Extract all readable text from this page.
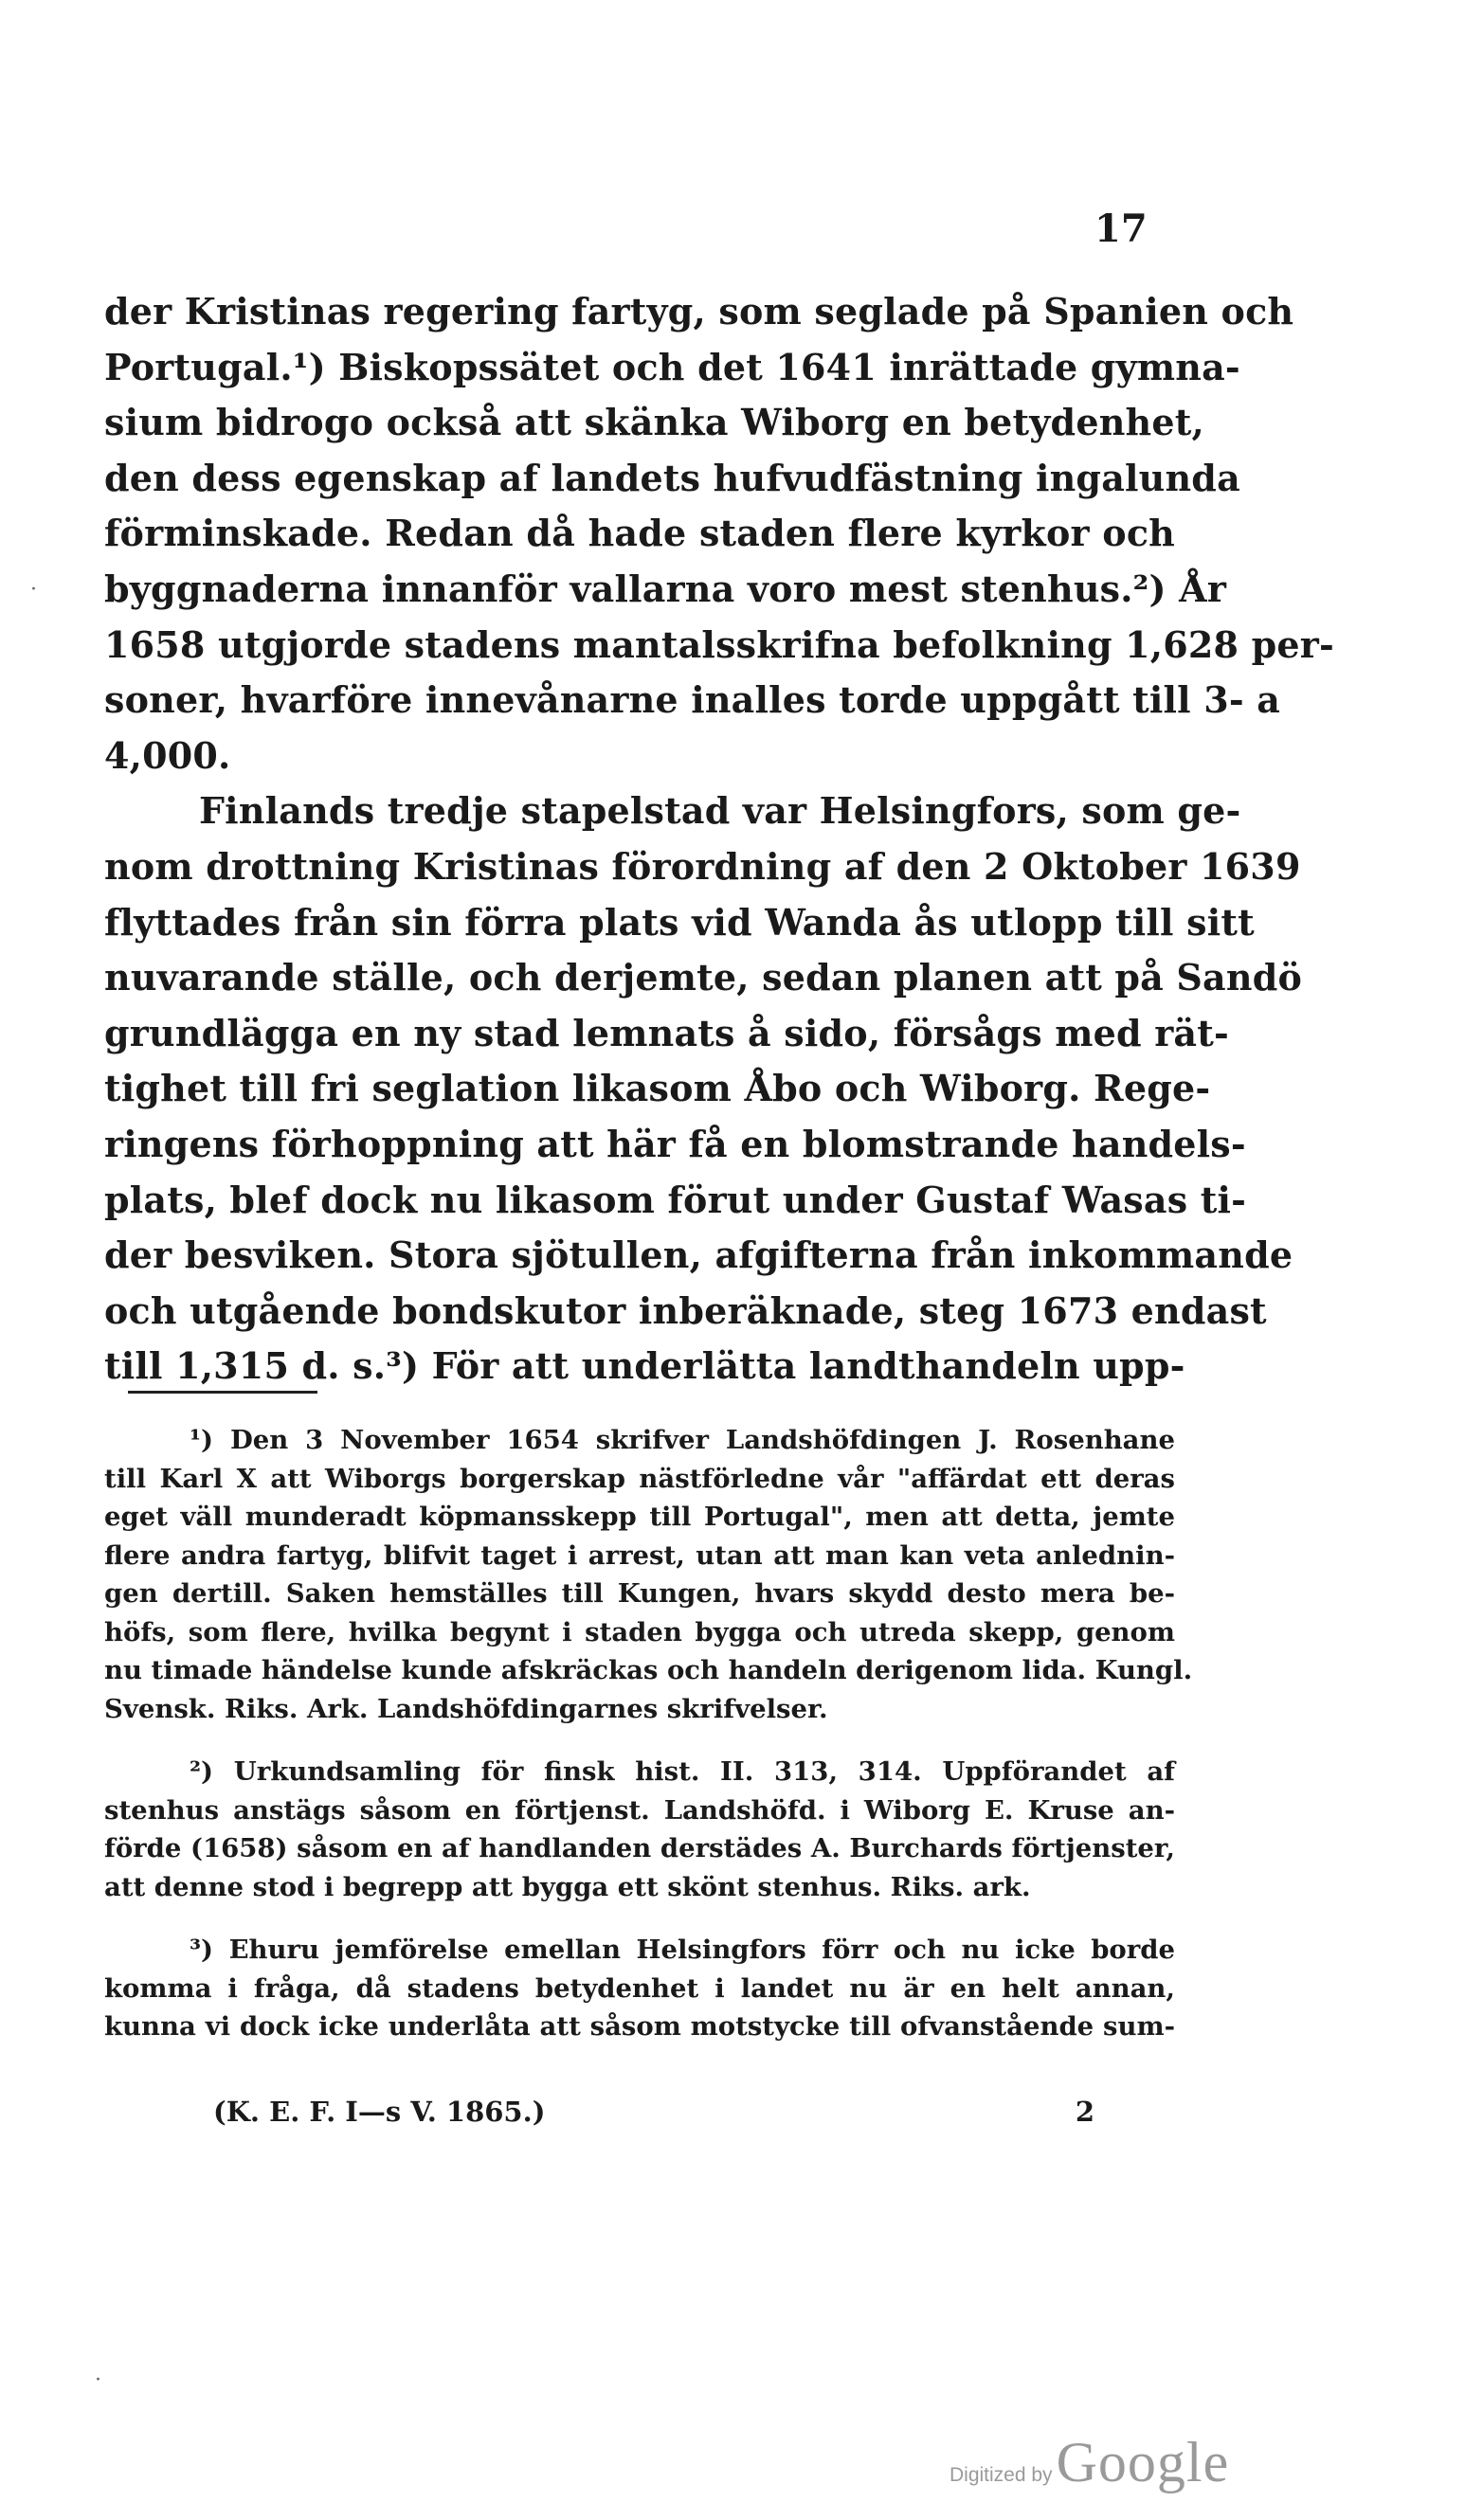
17
der Kristinas regering fartyg, som seglade på Spanien och
Portugal.¹) Biskopssätet och det 1641 inrättade gymna-
sium bidrogo också att skänka Wiborg en betydenhet,
den dess egenskap af landets hufvudfästning ingalunda
förminskade. Redan då hade staden flere kyrkor och
byggnaderna innanför vallarna voro mest stenhus.²) År
1658 utgjorde stadens mantalsskrifna befolkning 1,628 per-
soner, hvarföre innevånarne inalles torde uppgått till 3- a
4,000.
Finlands tredje stapelstad var Helsingfors, som ge-
nom drottning Kristinas förordning af den 2 Oktober 1639
flyttades från sin förra plats vid Wanda ås utlopp till sitt
nuvarande ställe, och derjemte, sedan planen att på Sandö
grundlägga en ny stad lemnats å sido, försågs med rät-
tighet till fri seglation likasom Åbo och Wiborg. Rege-
ringens förhoppning att här få en blomstrande handels-
plats, blef dock nu likasom förut under Gustaf Wasas ti-
der besviken. Stora sjötullen, afgifterna från inkommande
och utgående bondskutor inberäknade, steg 1673 endast
till 1,315 d. s.³) För att underlätta landthandeln upp-
¹) Den 3 November 1654 skrifver Landshöfdingen J. Rosenhane
till Karl X att Wiborgs borgerskap nästförledne vår "affärdat ett deras
eget väll munderadt köpmansskepp till Portugal", men att detta, jemte
flere andra fartyg, blifvit taget i arrest, utan att man kan veta anlednin-
gen dertill. Saken hemställes till Kungen, hvars skydd desto mera be-
höfs, som flere, hvilka begynt i staden bygga och utreda skepp, genom
nu timade händelse kunde afskräckas och handeln derigenom lida. Kungl.
Svensk. Riks. Ark. Landshöfdingarnes skrifvelser.
²) Urkundsamling för finsk hist. II. 313, 314. Uppförandet af
stenhus anstägs såsom en förtjenst. Landshöfd. i Wiborg E. Kruse an-
förde (1658) såsom en af handlanden derstädes A. Burchards förtjenster,
att denne stod i begrepp att bygga ett skönt stenhus. Riks. ark.
³) Ehuru jemförelse emellan Helsingfors förr och nu icke borde
komma i fråga, då stadens betydenhet i landet nu är en helt annan,
kunna vi dock icke underlåta att såsom motstycke till ofvanstående sum-
(K. E. F. I—s V. 1865.)	2
·
·
Digitized by Google
